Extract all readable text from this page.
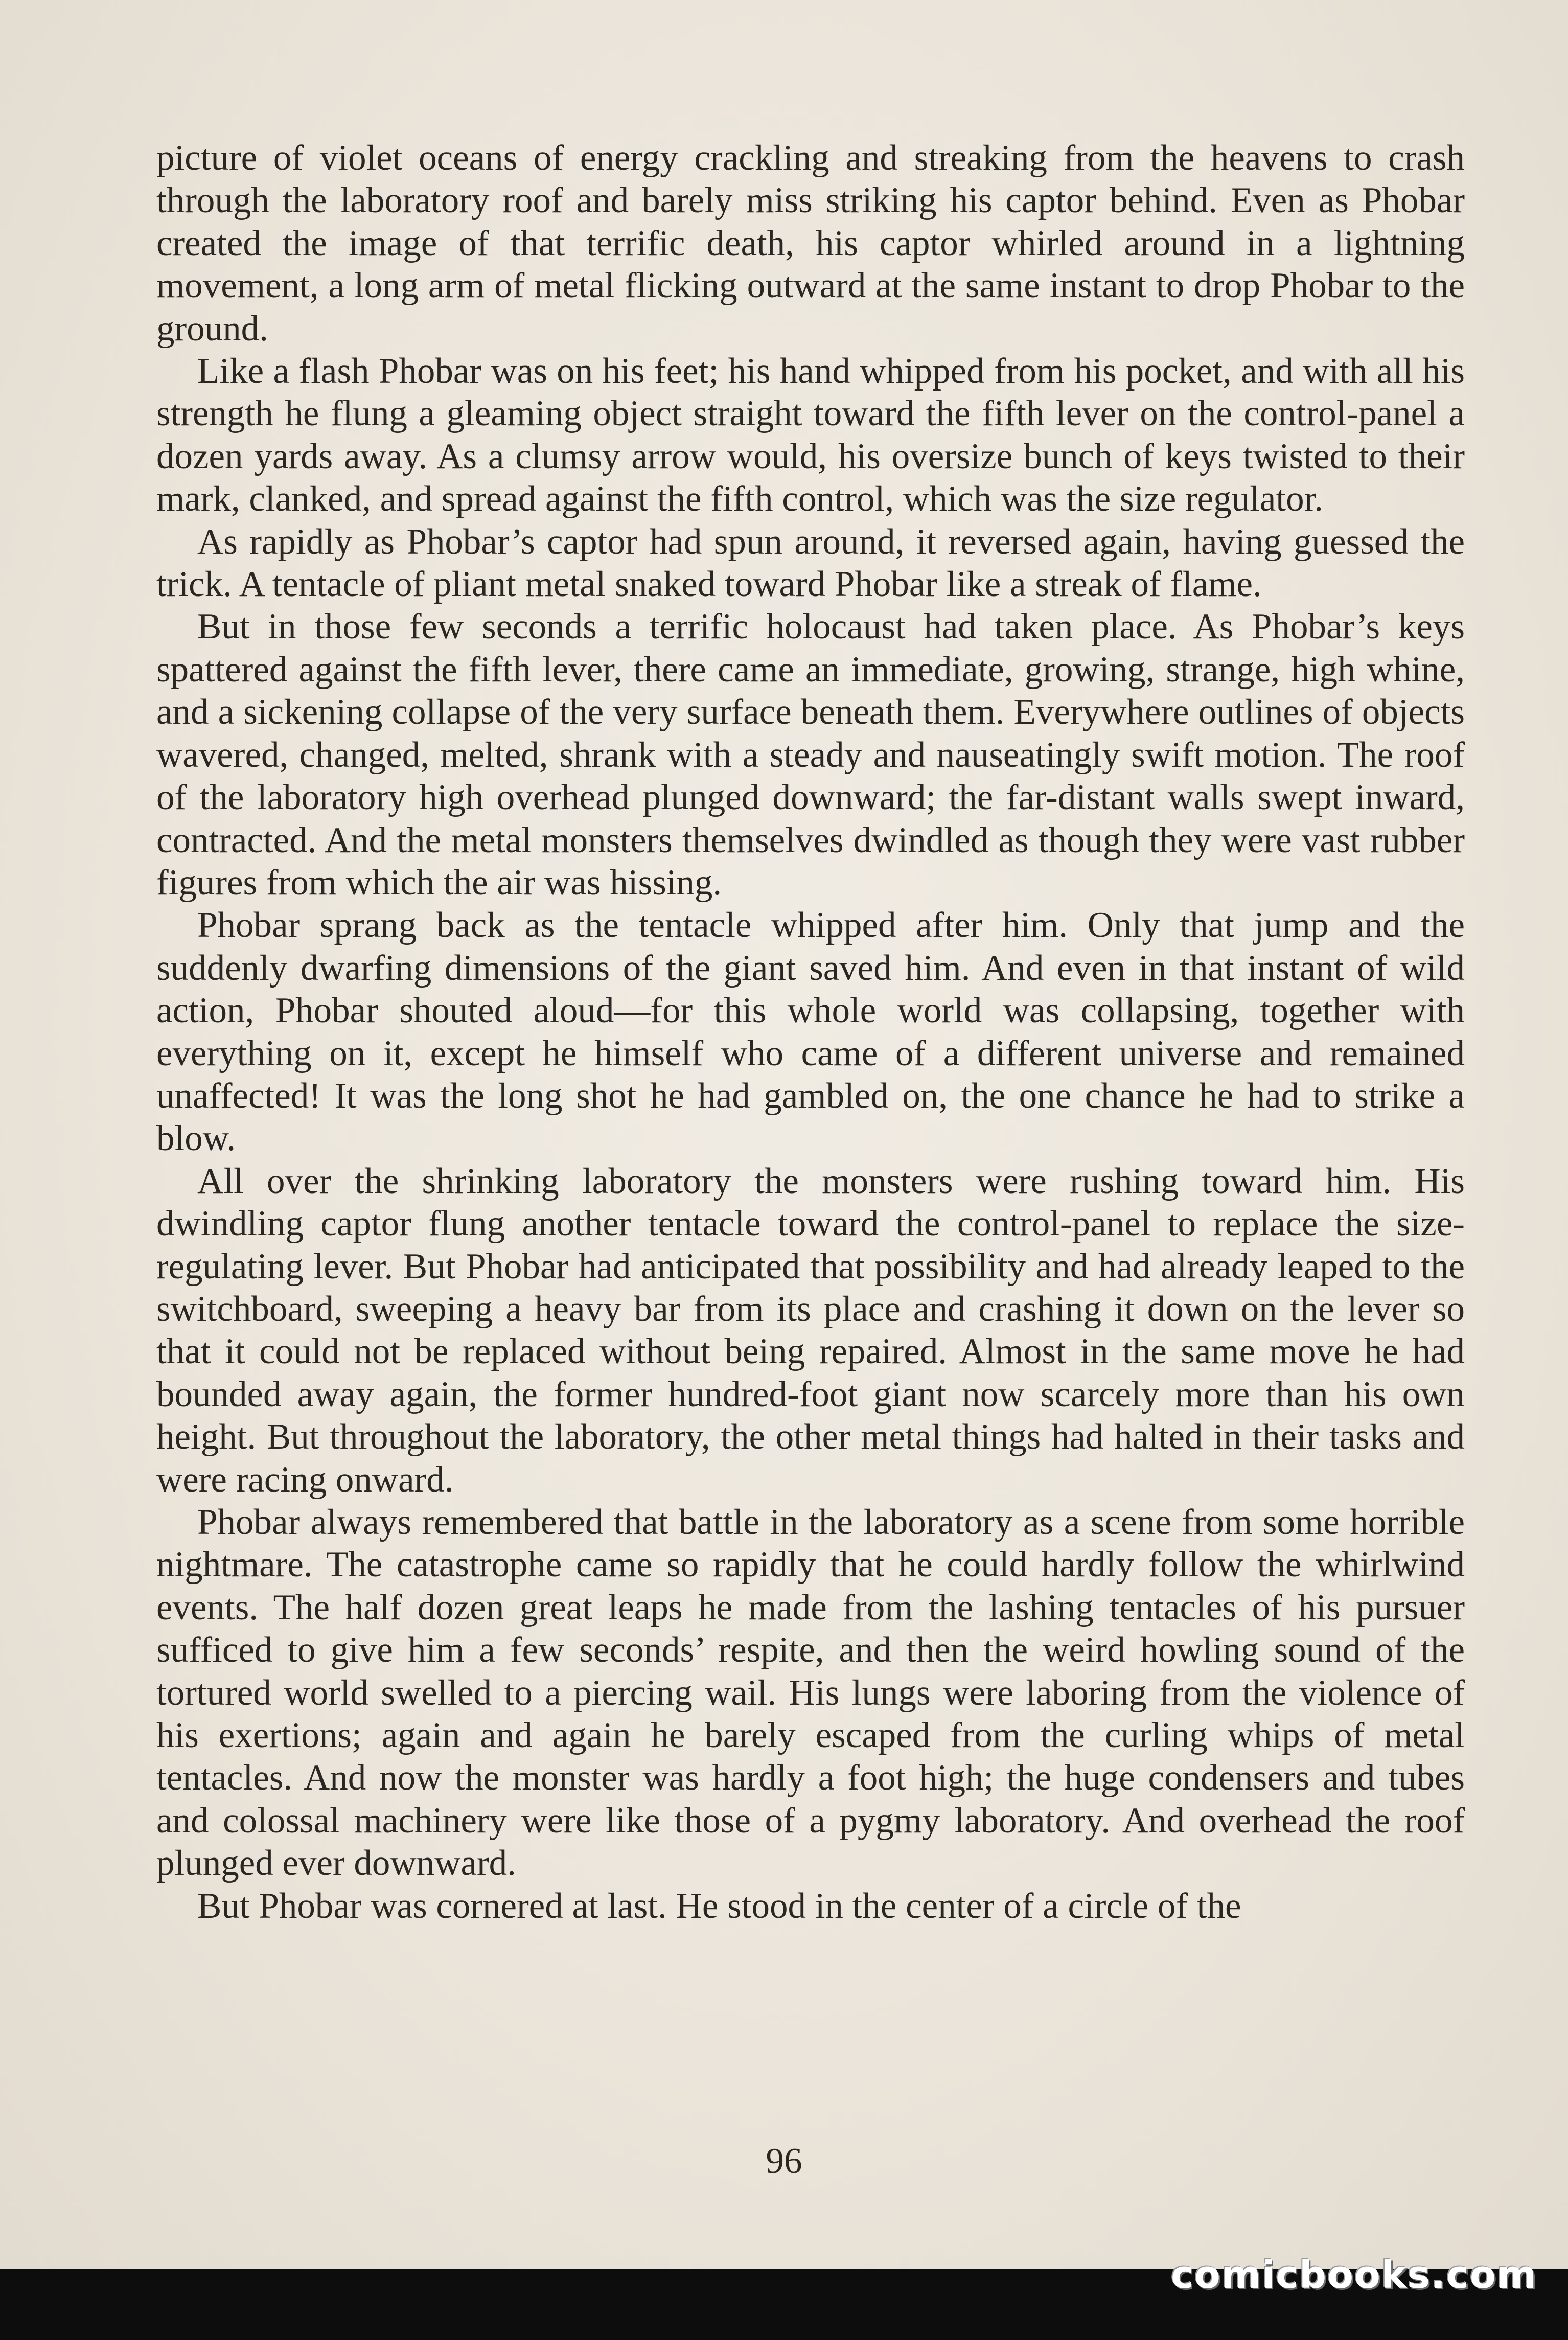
picture of violet oceans of energy crackling and streaking from the heavens to crash through the laboratory roof and barely miss striking his captor behind. Even as Phobar created the image of that terrific death, his captor whirled around in a lightning movement, a long arm of metal flicking outward at the same instant to drop Phobar to the ground.

Like a flash Phobar was on his feet; his hand whipped from his pocket, and with all his strength he flung a gleaming object straight toward the fifth lever on the control-panel a dozen yards away. As a clumsy arrow would, his oversize bunch of keys twisted to their mark, clanked, and spread against the fifth control, which was the size regulator.

As rapidly as Phobar’s captor had spun around, it reversed again, having guessed the trick. A tentacle of pliant metal snaked toward Phobar like a streak of flame.

But in those few seconds a terrific holocaust had taken place. As Phobar’s keys spattered against the fifth lever, there came an immediate, growing, strange, high whine, and a sickening collapse of the very surface beneath them. Everywhere outlines of objects wavered, changed, melted, shrank with a steady and nauseatingly swift motion. The roof of the laboratory high overhead plunged downward; the far-distant walls swept inward, contracted. And the metal monsters themselves dwindled as though they were vast rubber figures from which the air was hissing.

Phobar sprang back as the tentacle whipped after him. Only that jump and the suddenly dwarfing dimensions of the giant saved him. And even in that instant of wild action, Phobar shouted aloud—for this whole world was collapsing, together with everything on it, except he himself who came of a different universe and remained unaffected! It was the long shot he had gambled on, the one chance he had to strike a blow.

All over the shrinking laboratory the monsters were rushing toward him. His dwindling captor flung another tentacle toward the control-panel to replace the size-regulating lever. But Phobar had anticipated that possibility and had already leaped to the switchboard, sweeping a heavy bar from its place and crashing it down on the lever so that it could not be replaced without being repaired. Almost in the same move he had bounded away again, the former hundred-foot giant now scarcely more than his own height. But throughout the laboratory, the other metal things had halted in their tasks and were racing onward.

Phobar always remembered that battle in the laboratory as a scene from some horrible nightmare. The catastrophe came so rapidly that he could hardly follow the whirlwind events. The half dozen great leaps he made from the lashing tentacles of his pursuer sufficed to give him a few seconds’ respite, and then the weird howling sound of the tortured world swelled to a piercing wail. His lungs were laboring from the violence of his exertions; again and again he barely escaped from the curling whips of metal tentacles. And now the monster was hardly a foot high; the huge condensers and tubes and colossal machinery were like those of a pygmy laboratory. And overhead the roof plunged ever downward.

But Phobar was cornered at last. He stood in the center of a circle of the

96
comicbooks.com
